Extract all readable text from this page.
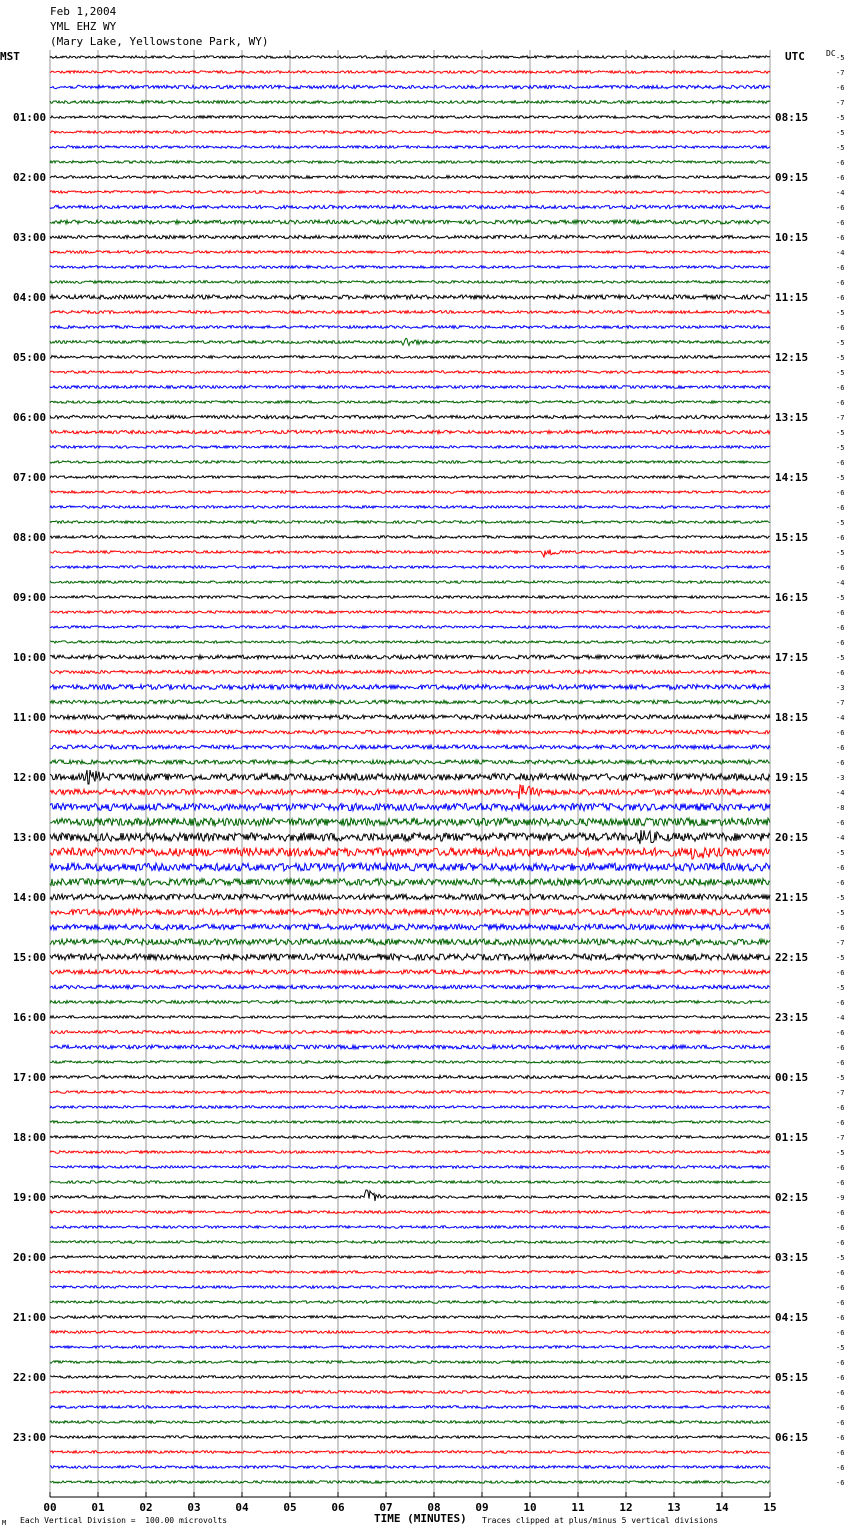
Feb 1,2004
YML EHZ WY
(Mary Lake, Yellowstone Park, WY)
MST	UTC	DC
01:00
02:00
03:00
04:00
05:00
06:00
07:00
08:00
09:00
10:00
11:00
12:00
13:00
14:00
15:00
16:00
17:00
18:00
19:00
20:00
21:00
22:00
23:00
08:15
09:15
10:15
11:15
12:15
13:15
14:15
15:15
16:15
17:15
18:15
19:15
20:15
21:15
22:15
23:15
00:15
01:15
02:15
03:15
04:15
05:15
06:15
-5
-7
-6
-7
-5
-5
-5
-6
-6
-4
-6
-6
-6
-4
-6
-6
-6
-5
-6
-5
-5
-5
-6
-6
-7
-5
-5
-6
-5
-6
-6
-5
-6
-5
-6
-4
-5
-6
-6
-6
-5
-6
-3
-7
-4
-6
-6
-6
-3
-4
-8
-6
-4
-5
-6
-6
-5
-5
-6
-7
-5
-6
-5
-6
-4
-6
-6
-6
-5
-7
-6
-6
-7
-5
-6
-6
-9
-6
-6
-6
-5
-6
-6
-6
-6
-6
-5
-6
-6
-6
-6
-6
-6
-6
-6
-6
00	01	02	03	04	05	06	07	08	09	10	11	12	13	14	15
M Each Vertical Division =  100.00 microvolts	TIME (MINUTES) Traces clipped at plus/minus 5 vertical divisions
